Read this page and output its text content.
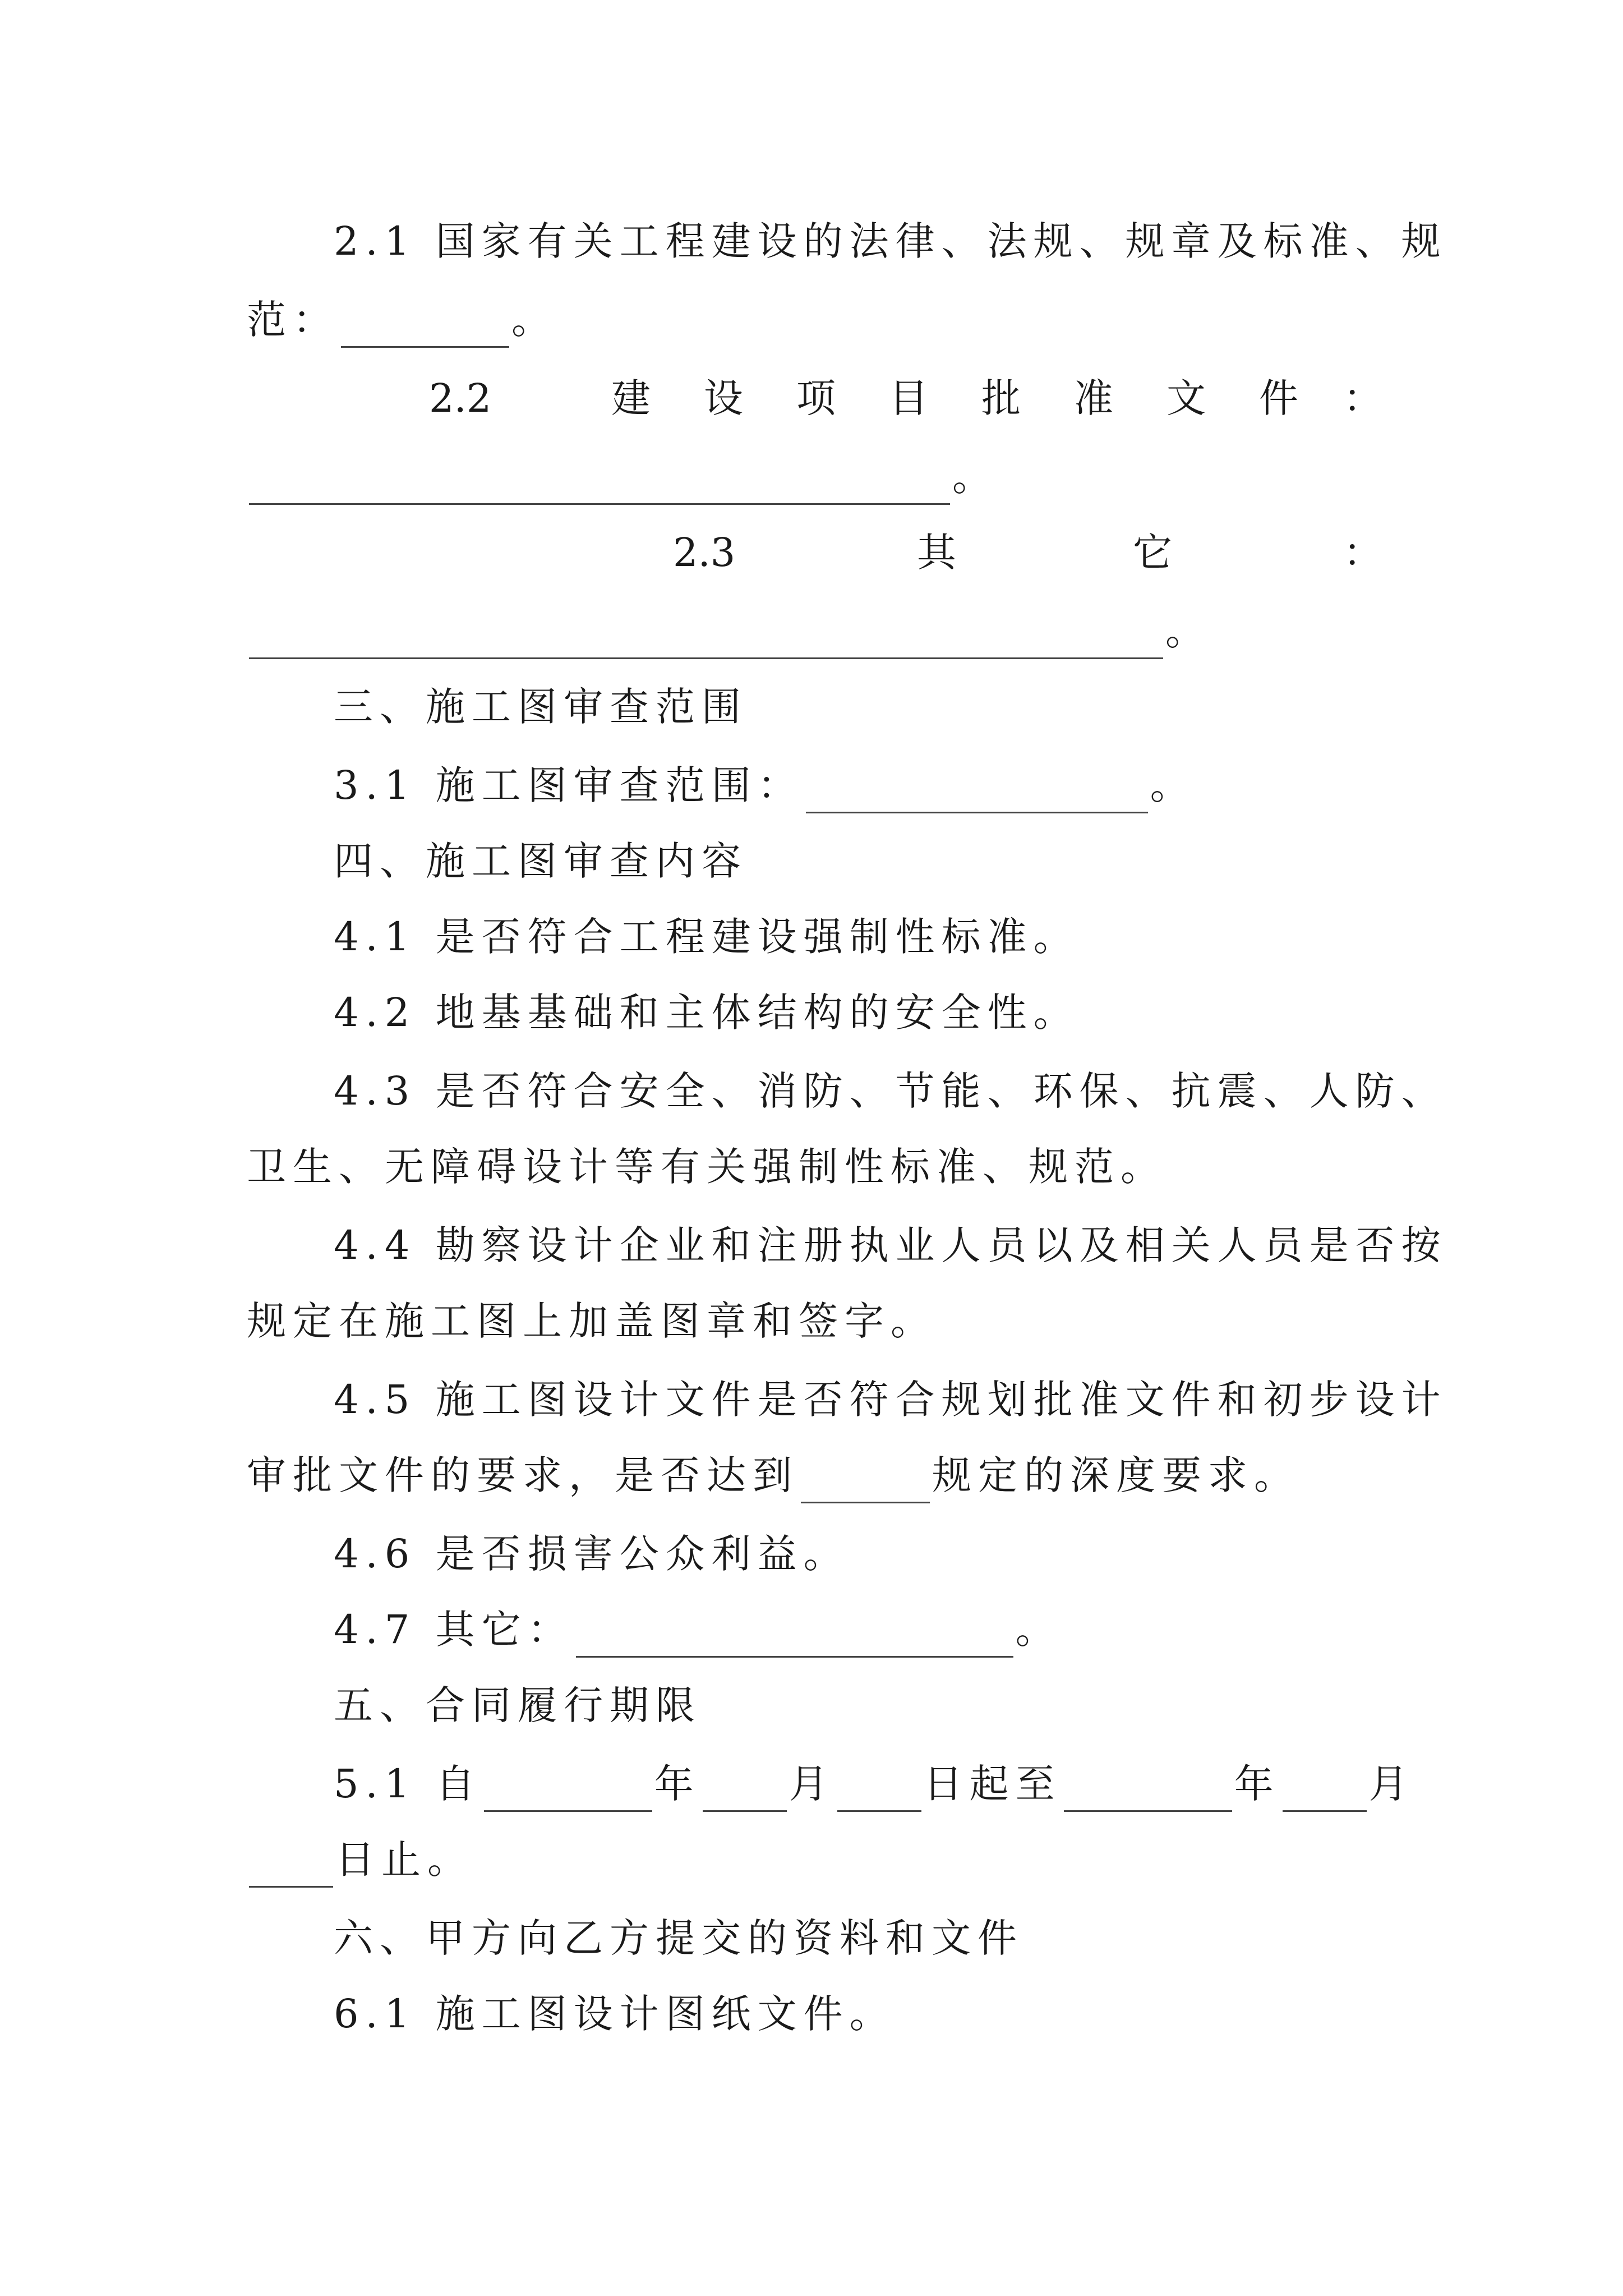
2.1 国家有关工程建设的法律、法规、规章及标准、规
范：	。
2.2	建 设 项 目 批 准 文 件 ：
。
2.3	其	它	：
。
三、施工图审查范围
3.1 施工图审查范围：	。
四、施工图审查内容
4.1 是否符合工程建设强制性标准。
4.2 地基基础和主体结构的安全性。
4.3 是否符合安全、消防、节能、环保、抗震、人防、
卫生、无障碍设计等有关强制性标准、规范。
4.4 勘察设计企业和注册执业人员以及相关人员是否按
规定在施工图上加盖图章和签字。
4.5 施工图设计文件是否符合规划批准文件和初步设计
审批文件的要求，是否达到	规定的深度要求。
4.6 是否损害公众利益。
4.7 其它：	。
五、合同履行期限
5.1 自	年 月 日起至	年 月
日止。
六、甲方向乙方提交的资料和文件
6.1 施工图设计图纸文件。
